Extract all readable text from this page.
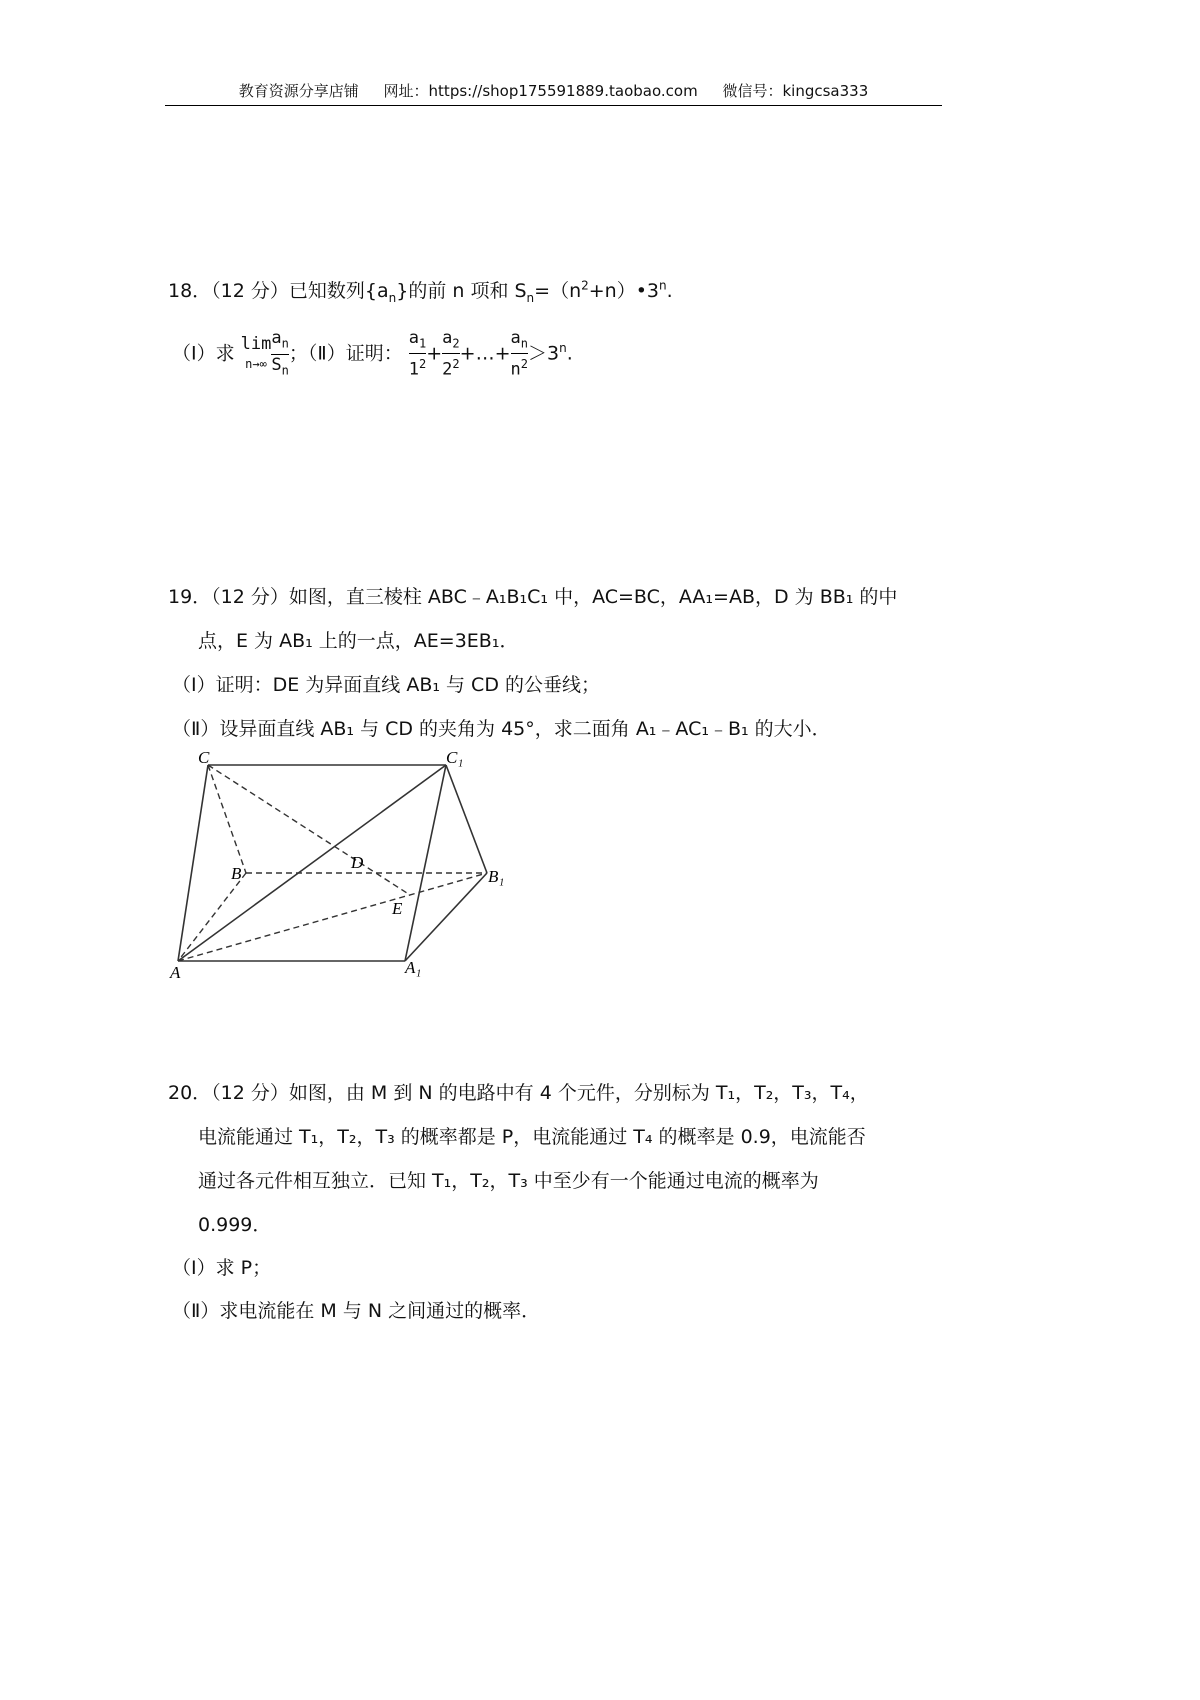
教育资源分享店铺 网址：https://shop175591889.taobao.com 微信号：kingcsa333
18．（12 分）已知数列$\{a_n\}$的前 n 项和 $S_n=(n^2+n)•3^n$.
（Ⅰ）求 lim
$n\to\infty \frac{a_n}{S_n}$ ；（Ⅱ）证明： $\frac{a_1}{1^2} + \frac{a_2}{2^2}$ +…+ $\frac{a_n}{n^2} >3^n$.
19．（12 分）如图，直三棱柱 ABC﹣A₁B₁C₁ 中，AC=BC，AA₁=AB，D 为 BB₁ 的中
点，E 为 AB₁ 上的一点，AE=3EB₁．
（Ⅰ）证明：DE 为异面直线 AB₁ 与 CD 的公垂线；
（Ⅱ）设异面直线 AB₁ 与 CD 的夹角为 45°，求二面角 A₁﹣AC₁﹣B₁ 的大小．
C	C₁
B	B₁
A	A₁
D
E
20．（12 分）如图，由 M 到 N 的电路中有 4 个元件，分别标为 T₁，T₂，T₃，T₄，
电流能通过 T₁，T₂，T₃ 的概率都是 P，电流能通过 T₄ 的概率是 0.9，电流能否
通过各元件相互独立．已知 T₁，T₂，T₃ 中至少有一个能通过电流的概率为
0.999．
（Ⅰ）求 P；
（Ⅱ）求电流能在 M 与 N 之间通过的概率．
